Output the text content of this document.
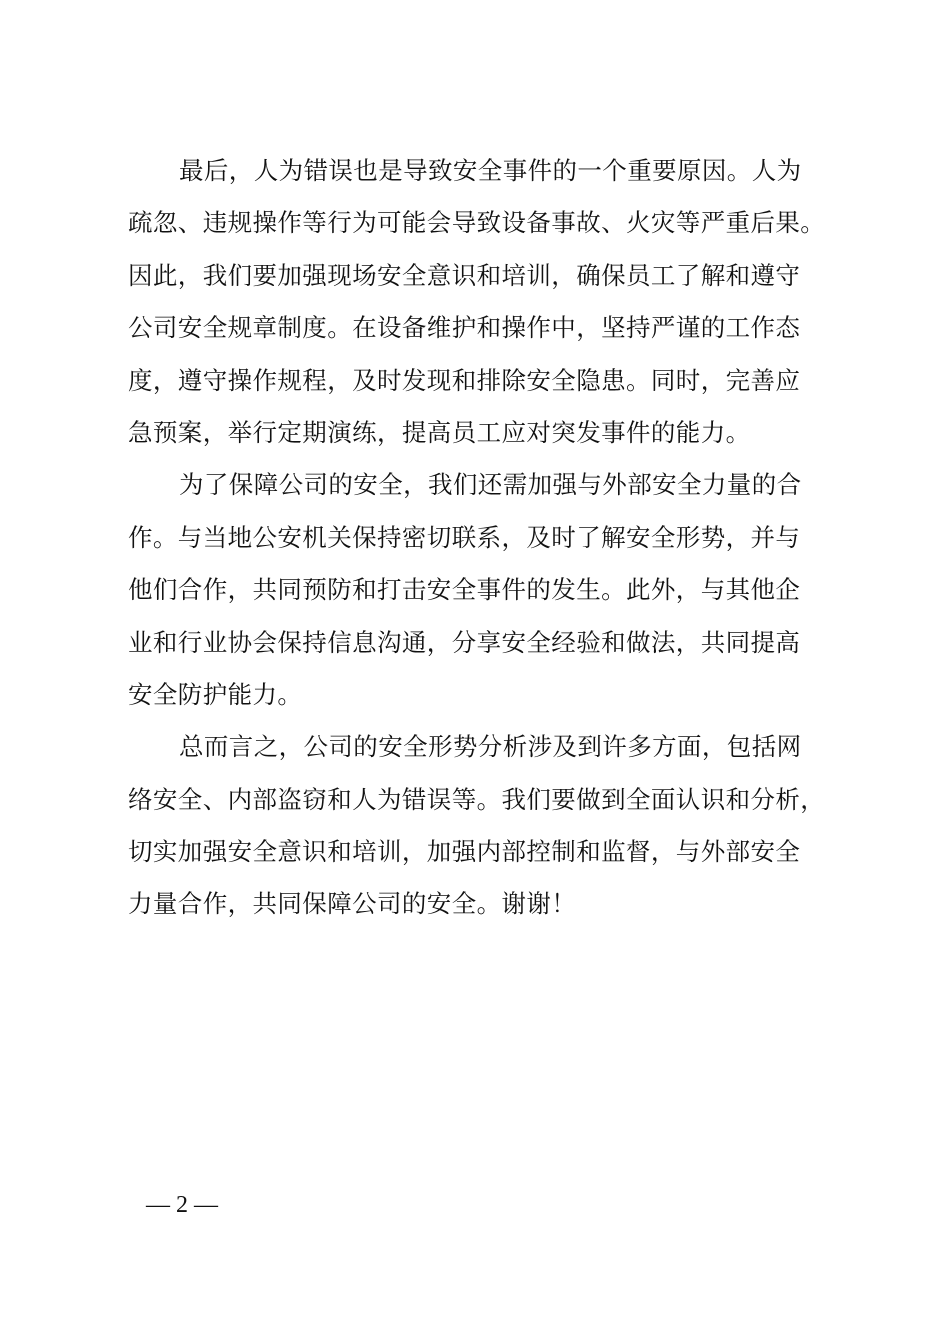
最后，人为错误也是导致安全事件的一个重要原因。人为
疏忽、违规操作等行为可能会导致设备事故、火灾等严重后果。
因此，我们要加强现场安全意识和培训，确保员工了解和遵守
公司安全规章制度。在设备维护和操作中，坚持严谨的工作态
度，遵守操作规程，及时发现和排除安全隐患。同时，完善应
急预案，举行定期演练，提高员工应对突发事件的能力。
为了保障公司的安全，我们还需加强与外部安全力量的合
作。与当地公安机关保持密切联系，及时了解安全形势，并与
他们合作，共同预防和打击安全事件的发生。此外，与其他企
业和行业协会保持信息沟通，分享安全经验和做法，共同提高
安全防护能力。
总而言之，公司的安全形势分析涉及到许多方面，包括网
络安全、内部盗窃和人为错误等。我们要做到全面认识和分析，
切实加强安全意识和培训，加强内部控制和监督，与外部安全
力量合作，共同保障公司的安全。谢谢！
— 2 —
